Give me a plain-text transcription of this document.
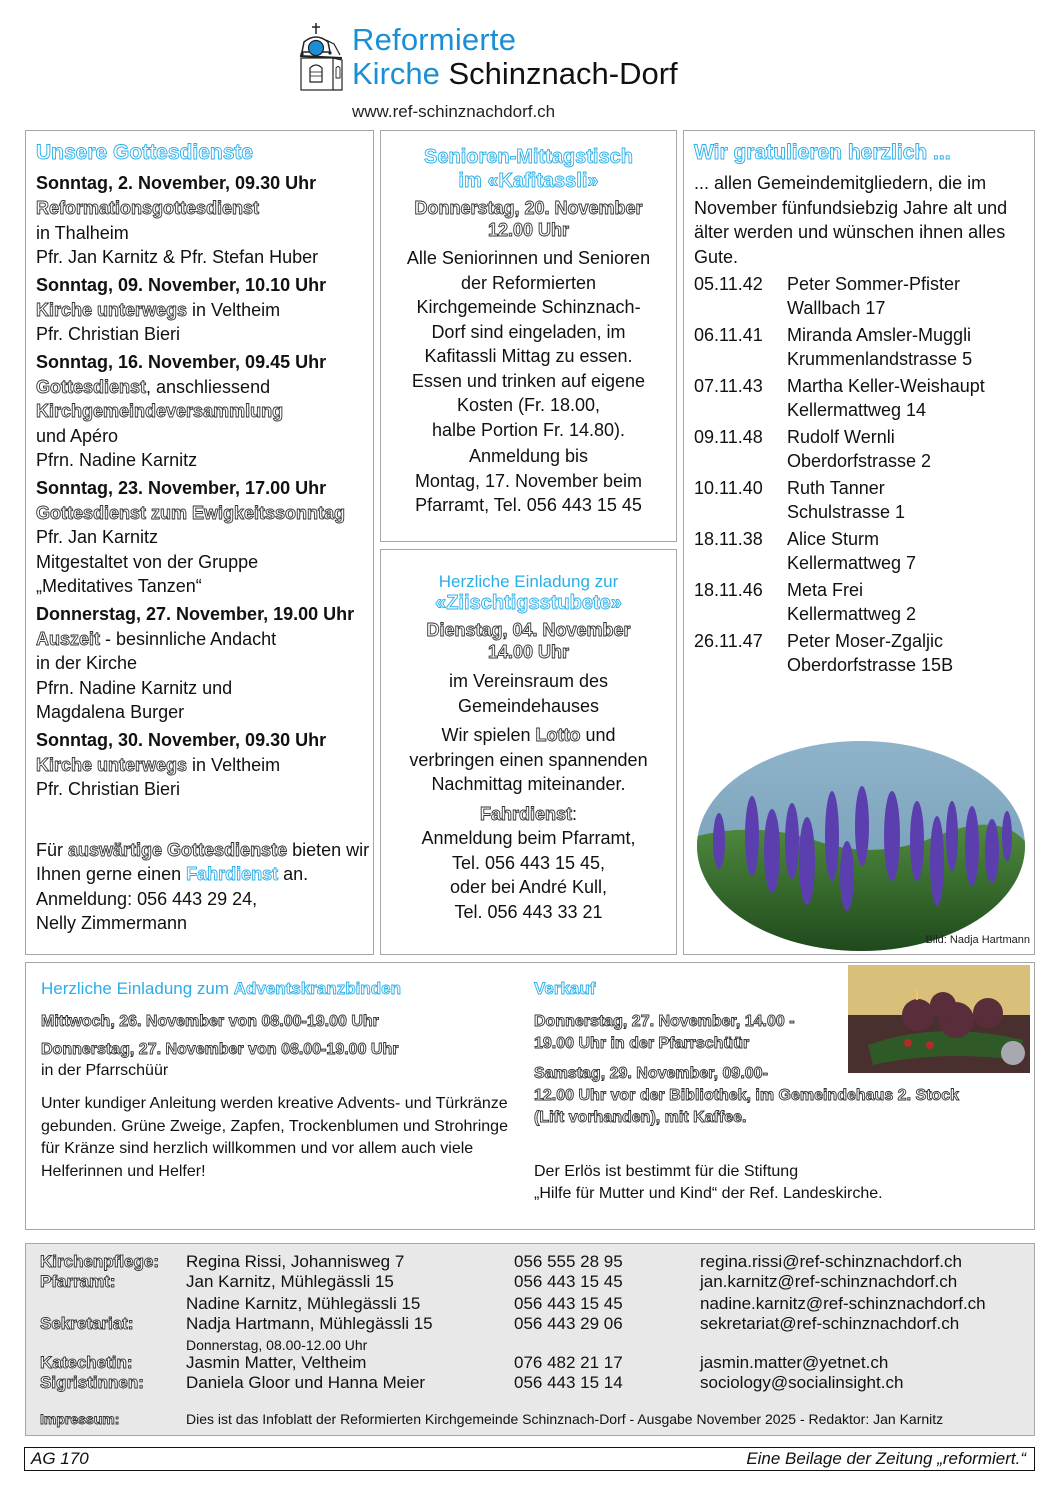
Reformierte
Kirche Schinznach-Dorf
www.ref-schinznachdorf.ch
Unsere Gottesdienste
Sonntag, 2. November, 09.30 Uhr
Reformationsgottesdienst
in Thalheim
Pfr. Jan Karnitz & Pfr. Stefan Huber
Sonntag, 09. November, 10.10 Uhr
Kirche unterwegs in Veltheim
Pfr. Christian Bieri
Sonntag, 16. November, 09.45 Uhr
Gottesdienst, anschliessend
Kirchgemeindeversammlung
und Apéro
Pfrn. Nadine Karnitz
Sonntag, 23. November, 17.00 Uhr
Gottesdienst zum Ewigkeitssonntag
Pfr. Jan Karnitz
Mitgestaltet von der Gruppe
„Meditatives Tanzen“
Donnerstag, 27. November, 19.00 Uhr
Auszeit - besinnliche Andacht
in der Kirche
Pfrn. Nadine Karnitz und
Magdalena Burger
Sonntag, 30. November, 09.30 Uhr
Kirche unterwegs in Veltheim
Pfr. Christian Bieri
Für auswärtige Gottesdienste bieten wir Ihnen gerne einen Fahrdienst an.
Anmeldung: 056 443 29 24,
Nelly Zimmermann
Senioren-Mittagstisch
im «Kafitassli»
Donnerstag, 20. November
12.00 Uhr
Alle Seniorinnen und Senioren
der Reformierten
Kirchgemeinde Schinznach-
Dorf sind eingeladen, im
Kafitassli Mittag zu essen.
Essen und trinken auf eigene
Kosten (Fr. 18.00,
halbe Portion Fr. 14.80).
Anmeldung bis
Montag, 17. November beim
Pfarramt, Tel. 056 443 15 45
Herzliche Einladung zur
«Ziischtigsstubete»
Dienstag, 04. November
14.00 Uhr
im Vereinsraum des
Gemeindehauses
Wir spielen Lotto und
verbringen einen spannenden
Nachmittag miteinander.
Fahrdienst:
Anmeldung beim Pfarramt,
Tel. 056 443 15 45,
oder bei André Kull,
Tel. 056 443 33 21
Wir gratulieren herzlich ...
... allen Gemeindemitgliedern, die im November fünfundsiebzig Jahre alt und älter werden und wünschen ihnen alles Gute.
05.11.42	Peter Sommer-Pfister
Wallbach 17
06.11.41	Miranda Amsler-Muggli
Krummenlandstrasse 5
07.11.43	Martha Keller-Weishaupt
Kellermattweg 14
09.11.48	Rudolf Wernli
Oberdorfstrasse 2
10.11.40	Ruth Tanner
Schulstrasse 1
18.11.38	Alice Sturm
Kellermattweg 7
18.11.46	Meta Frei
Kellermattweg 2
26.11.47	Peter Moser-Zgaljic
Oberdorfstrasse 15B
Bild: Nadja Hartmann
Herzliche Einladung zum Adventskranzbinden
Mittwoch, 26. November von 08.00-19.00 Uhr
Donnerstag, 27. November von 08.00-19.00 Uhr
in der Pfarrschüür
Unter kundiger Anleitung werden kreative Advents- und Türkränze gebunden. Grüne Zweige, Zapfen, Trockenblumen und Strohringe für Kränze sind herzlich willkommen und vor allem auch viele Helferinnen und Helfer!
Verkauf
Donnerstag, 27. November, 14.00 - 19.00 Uhr in der Pfarrschüür
Samstag, 29. November, 09.00-
12.00 Uhr vor der Bibliothek, im Gemeindehaus 2. Stock
(Lift vorhanden), mit Kaffee.
Der Erlös ist bestimmt für die Stiftung
„Hilfe für Mutter und Kind“ der Ref. Landeskirche.
Kirchenpflege: Regina Rissi, Johannisweg 7	056 555 28 95	regina.rissi@ref-schinznachdorf.ch
Pfarramt:	Jan Karnitz, Mühlegässli 15	056 443 15 45	jan.karnitz@ref-schinznachdorf.ch
Nadine Karnitz, Mühlegässli 15	056 443 15 45	nadine.karnitz@ref-schinznachdorf.ch
Sekretariat:	Nadja Hartmann, Mühlegässli 15	056 443 29 06	sekretariat@ref-schinznachdorf.ch
Donnerstag, 08.00-12.00 Uhr
Katechetin:	Jasmin Matter, Veltheim	076 482 21 17	jasmin.matter@yetnet.ch
Sigristinnen: Daniela Gloor und Hanna Meier	056 443 15 14	sociology@socialinsight.ch
Impressum:	Dies ist das Infoblatt der Reformierten Kirchgemeinde Schinznach-Dorf - Ausgabe November 2025 - Redaktor: Jan Karnitz
AG 170	Eine Beilage der Zeitung „reformiert.“
